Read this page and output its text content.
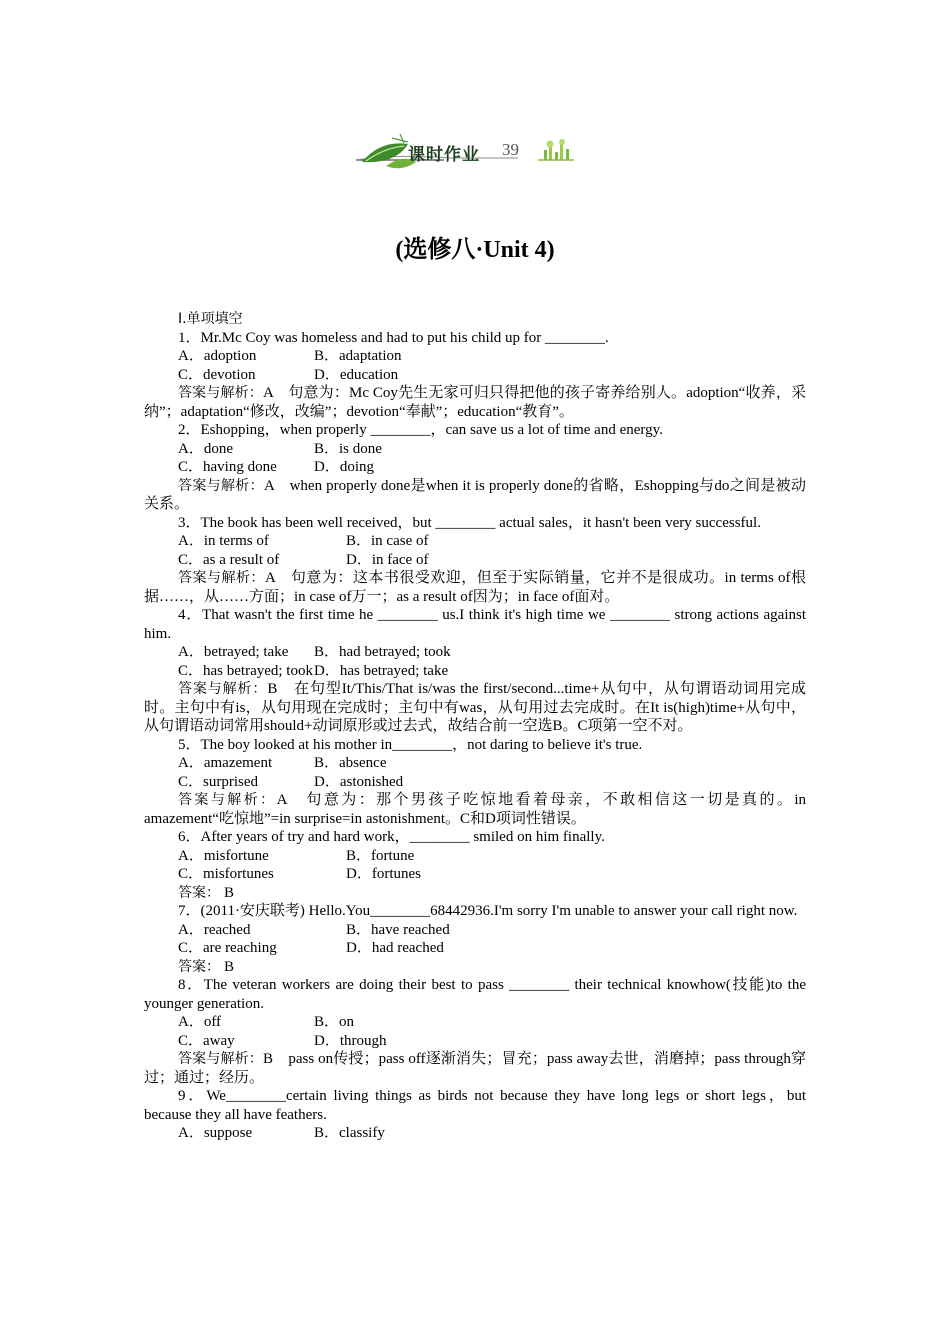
课时作业 39
(选修八·Unit 4)
Ⅰ.单项填空
1．Mr.Mc Coy was homeless and had to put his child up for ________.
A．adoption	B．adaptation
C．devotion	D．education
答案与解析：A　句意为：Mc Coy先生无家可归只得把他的孩子寄养给别人。adoption“收养，采纳”；adaptation“修改，改编”；devotion“奉献”；education“教育”。
2．Eshopping，when properly ________，can save us a lot of time and energy.
A．done	B．is done
C．having done D．doing
答案与解析：A　when properly done是when it is properly done的省略，Eshopping与do之间是被动关系。
3．The book has been well received，but ________ actual sales，it hasn't been very successful.
A．in terms of	B．in case of
C．as a result of	D．in face of
答案与解析：A　句意为：这本书很受欢迎，但至于实际销量，它并不是很成功。in terms of根据……，从……方面；in case of万一；as a result of因为；in face of面对。
4．That wasn't the first time he ________ us.I think it's high time we ________ strong actions against him.
A．betrayed; take B．had betrayed; took
C．has betrayed; tookD．has betrayed; take
答案与解析：B　在句型It/This/That is/was the first/second...time+从句中，从句谓语动词用完成时。主句中有is，从句用现在完成时；主句中有was，从句用过去完成时。在It is(high)time+从句中，从句谓语动词常用should+动词原形或过去式，故结合前一空选B。C项第一空不对。
5．The boy looked at his mother in________，not daring to believe it's true.
A．amazement	B．absence
C．surprised	D．astonished
答案与解析：A　句意为：那个男孩子吃惊地看着母亲，不敢相信这一切是真的。in amazement“吃惊地”=in surprise=in astonishment。C和D项词性错误。
6．After years of try and hard work，________ smiled on him finally.
A．misfortune	B．fortune
C．misfortunes	D．fortunes
答案： B
7．(2011·安庆联考) Hello.You________68442936.I'm sorry I'm unable to answer your call right now.
A．reached	B．have reached
C．are reaching	D．had reached
答案： B
8．The veteran workers are doing their best to pass ________ their technical knowhow(技能)to the younger generation.
A．off	B．on
C．away	D．through
答案与解析：B　pass on传授；pass off逐渐消失；冒充；pass away去世，消磨掉；pass through穿过；通过；经历。
9．We________certain living things as birds not because they have long legs or short legs，but because they all have feathers.
A．suppose	B．classify
